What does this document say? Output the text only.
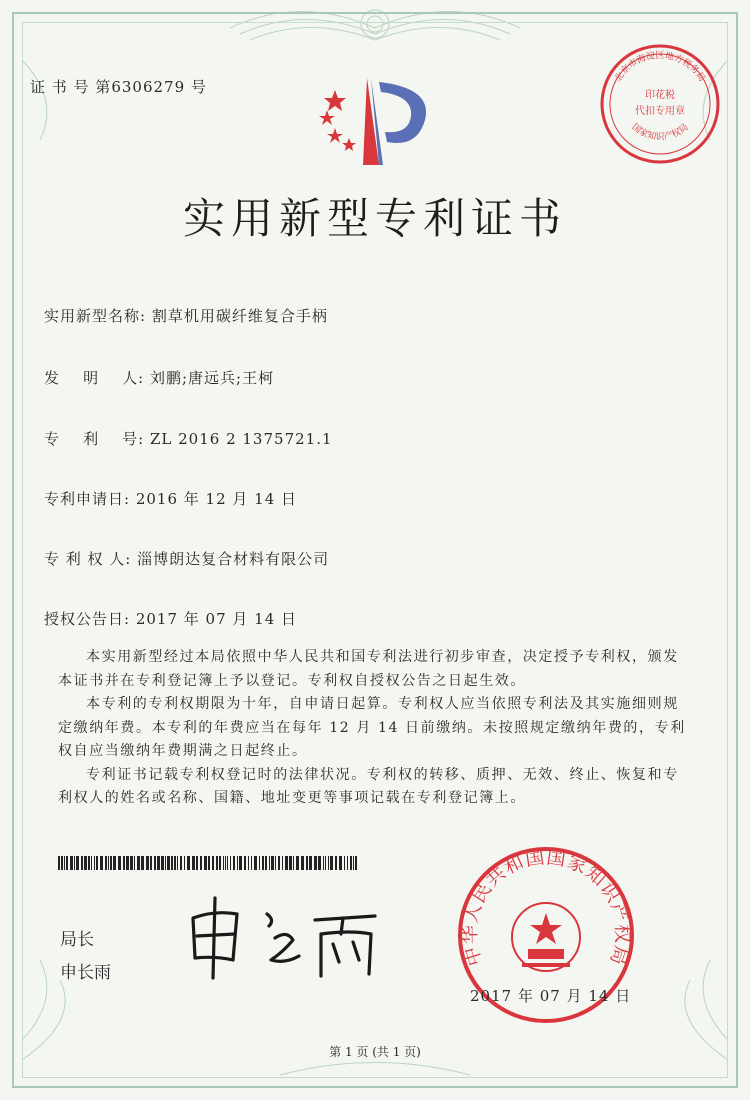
证 书 号 第6306279 号
北京市海淀区地方税务局
印花税
代扣专用章
国家知识产权局
实用新型专利证书
实用新型名称: 割草机用碳纤维复合手柄
发    明    人: 刘鹏;唐远兵;王柯
专    利    号: ZL 2016 2 1375721.1
专利申请日: 2016 年 12 月 14 日
专 利 权 人: 淄博朗达复合材料有限公司
授权公告日: 2017 年 07 月 14 日

本实用新型经过本局依照中华人民共和国专利法进行初步审查，决定授予专利权，颁发本证书并在专利登记簿上予以登记。专利权自授权公告之日起生效。

本专利的专利权期限为十年，自申请日起算。专利权人应当依照专利法及其实施细则规定缴纳年费。本专利的年费应当在每年 12 月 14 日前缴纳。未按照规定缴纳年费的，专利权自应当缴纳年费期满之日起终止。

专利证书记载专利权登记时的法律状况。专利权的转移、质押、无效、终止、恢复和专利权人的姓名或名称、国籍、地址变更等事项记载在专利登记簿上。

局长
申长雨
中华人民共和国国家知识产权局
2017 年 07 月 14 日
第 1 页 (共 1 页)
